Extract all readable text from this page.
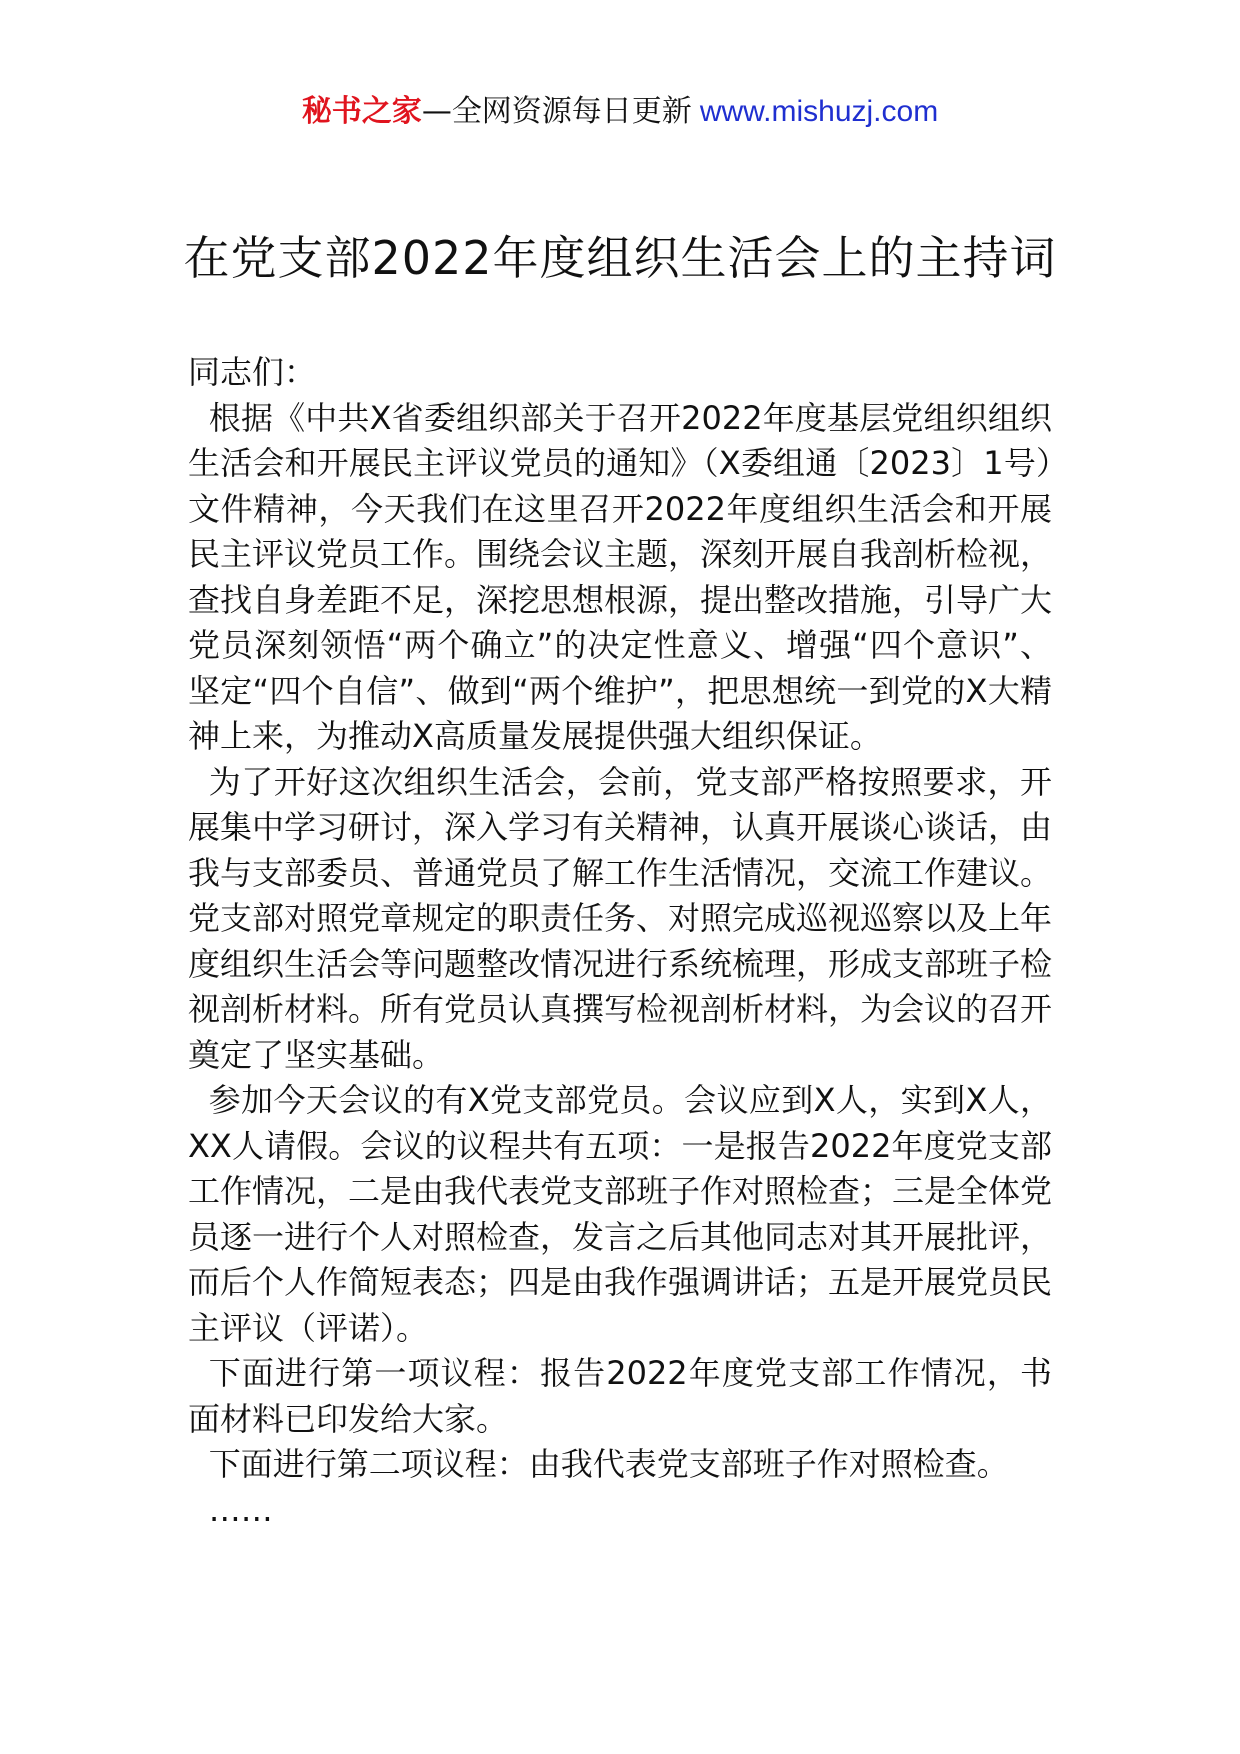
秘书之家—全网资源每日更新 www.mishuzj.com
在党支部2022年度组织生活会上的主持词

同志们：

根据《中共X省委组织部关于召开2022年度基层党组织组织生活会和开展民主评议党员的通知》（X委组通〔2023〕1号）文件精神，今天我们在这里召开2022年度组织生活会和开展民主评议党员工作。围绕会议主题，深刻开展自我剖析检视，查找自身差距不足，深挖思想根源，提出整改措施，引导广大党员深刻领悟“两个确立”的决定性意义、增强“四个意识”、坚定“四个自信”、做到“两个维护”，把思想统一到党的X大精神上来，为推动X高质量发展提供强大组织保证。

为了开好这次组织生活会，会前，党支部严格按照要求，开展集中学习研讨，深入学习有关精神，认真开展谈心谈话，由我与支部委员、普通党员了解工作生活情况，交流工作建议。党支部对照党章规定的职责任务、对照完成巡视巡察以及上年度组织生活会等问题整改情况进行系统梳理，形成支部班子检视剖析材料。所有党员认真撰写检视剖析材料，为会议的召开奠定了坚实基础。

参加今天会议的有X党支部党员。会议应到X人，实到X人，XX人请假。会议的议程共有五项：一是报告2022年度党支部工作情况，二是由我代表党支部班子作对照检查；三是全体党员逐一进行个人对照检查，发言之后其他同志对其开展批评，而后个人作简短表态；四是由我作强调讲话；五是开展党员民主评议（评诺）。

下面进行第一项议程：报告2022年度党支部工作情况，书面材料已印发给大家。

下面进行第二项议程：由我代表党支部班子作对照检查。

……
